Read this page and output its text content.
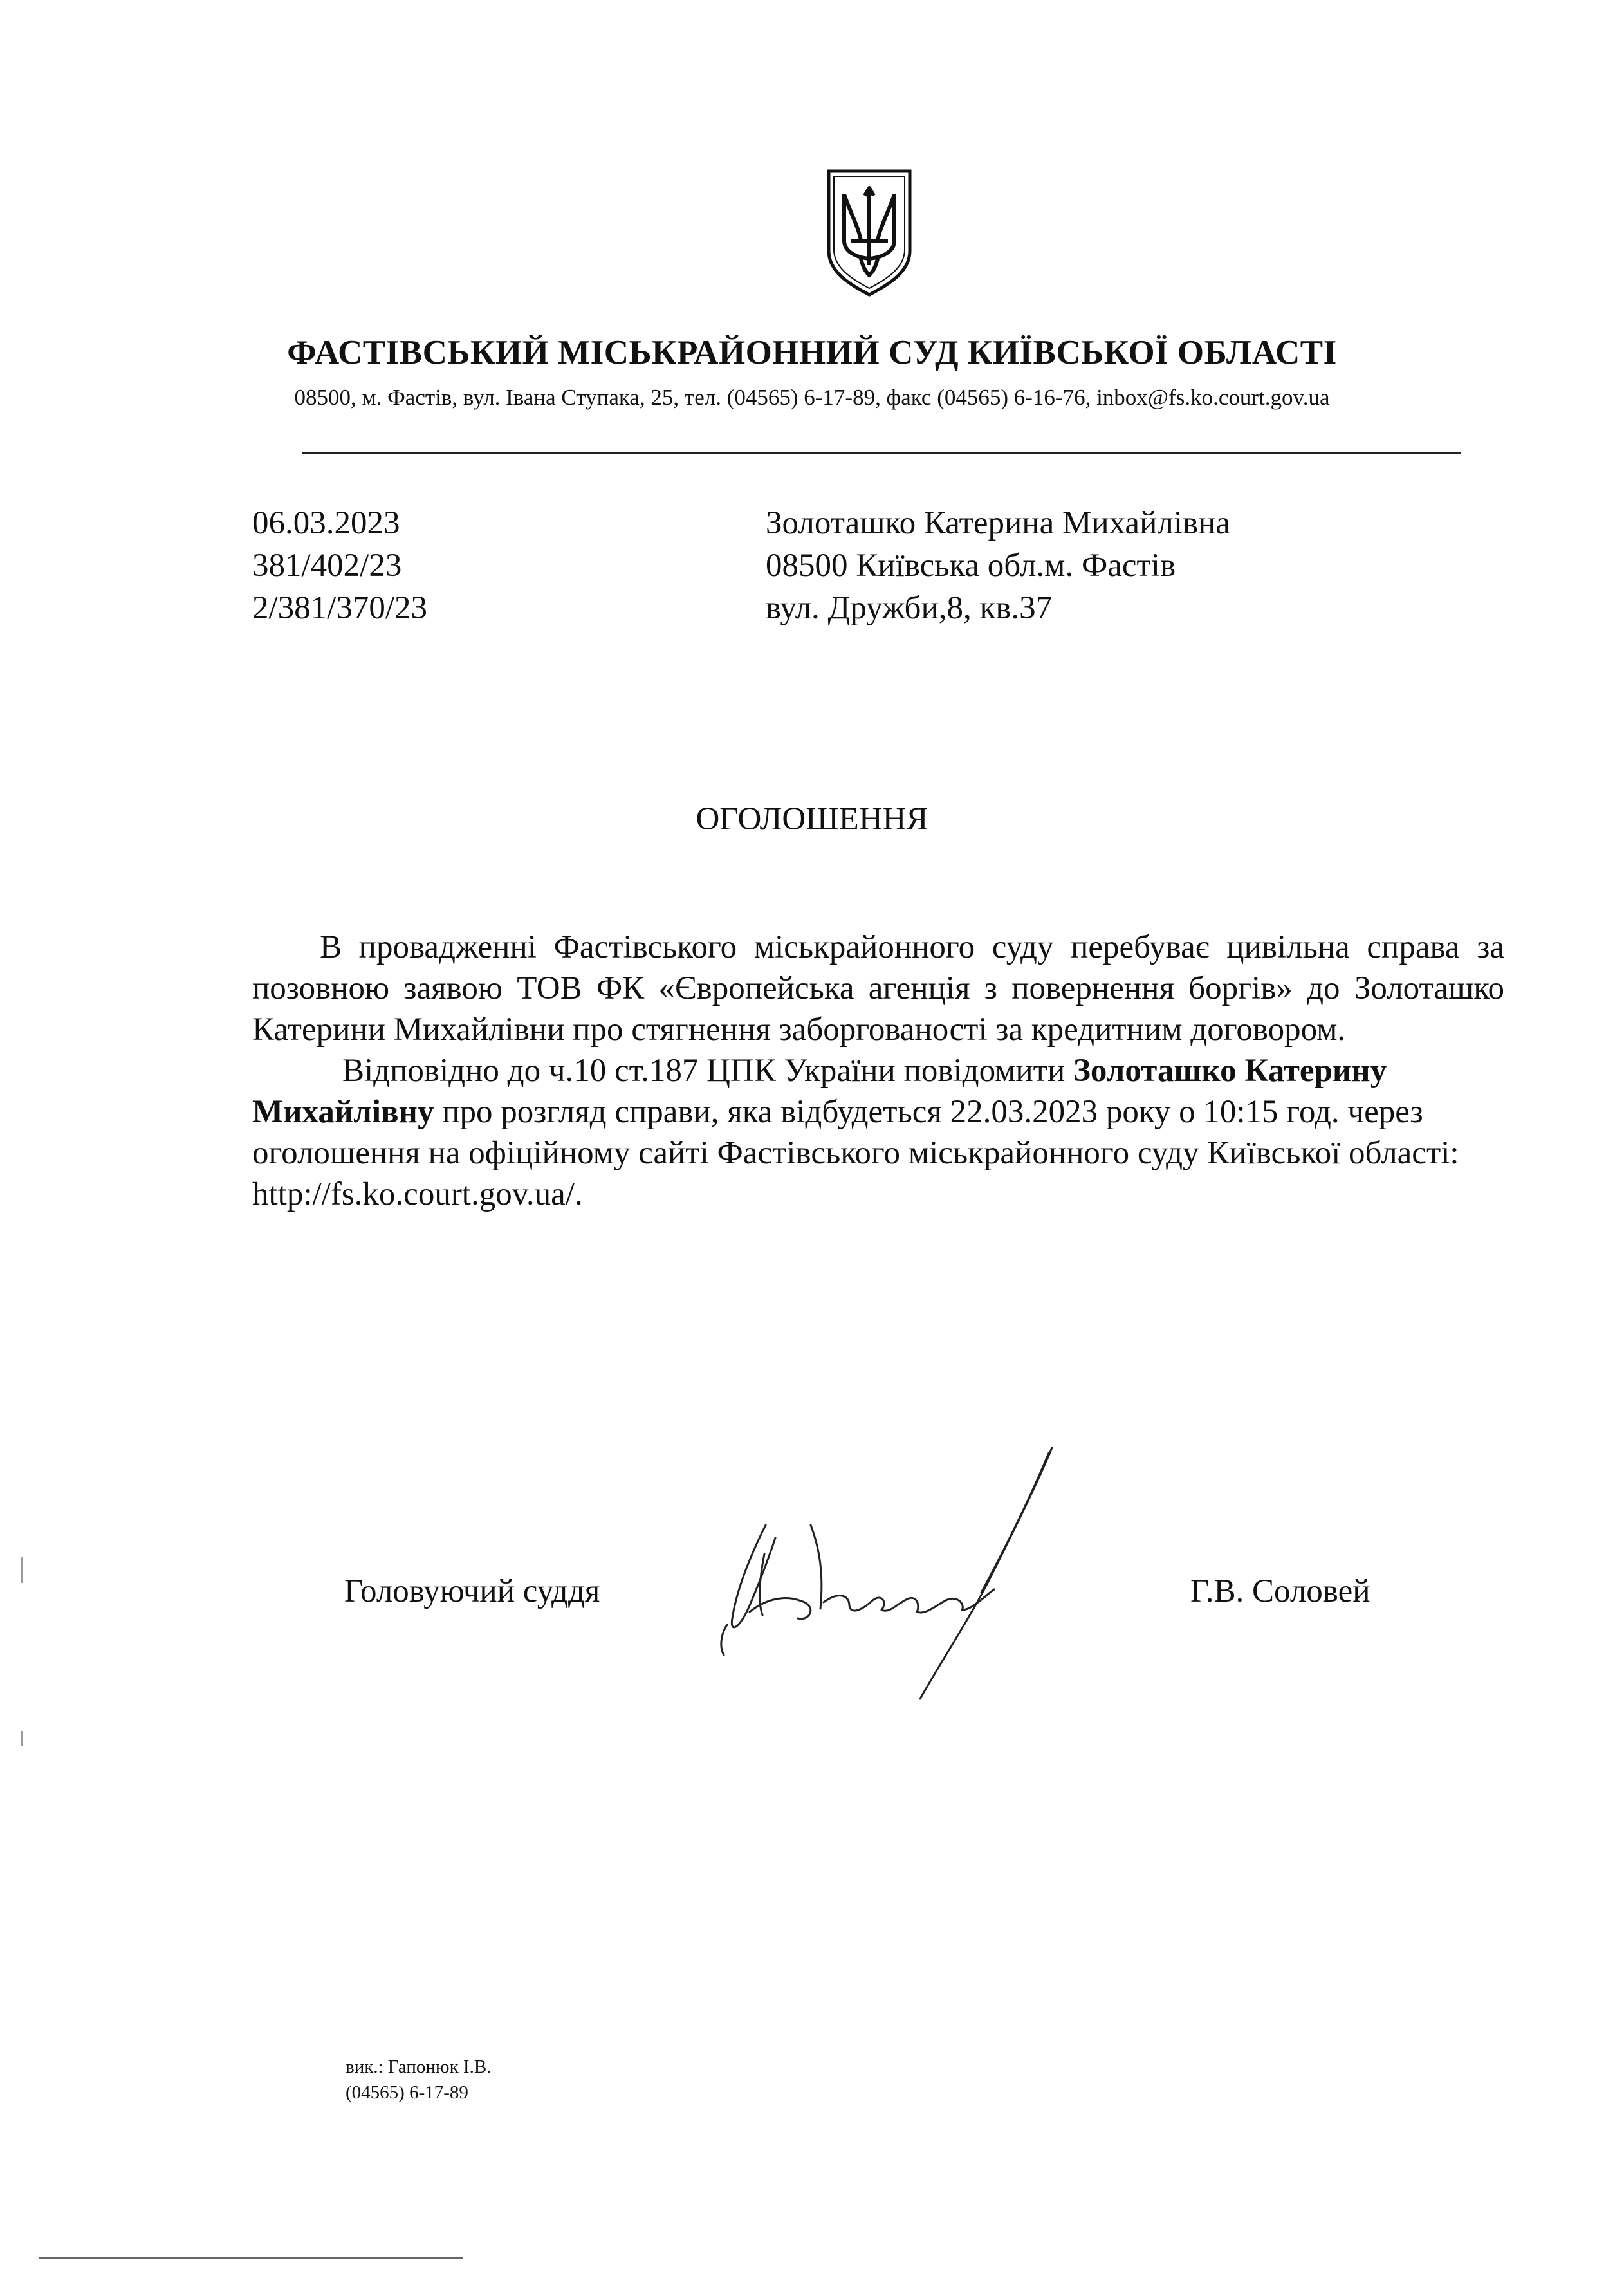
ФАСТІВСЬКИЙ МІСЬКРАЙОННИЙ СУД КИЇВСЬКОЇ ОБЛАСТІ
08500, м. Фастів, вул. Івана Ступака, 25, тел. (04565) 6-17-89, факс (04565) 6-16-76, inbox@fs.ko.court.gov.ua
06.03.2023
381/402/23
2/381/370/23
Золоташко Катерина Михайлівна
08500 Київська обл.м. Фастів
вул. Дружби,8, кв.37
ОГОЛОШЕННЯ

В провадженні Фастівського міськрайонного суду перебуває цивільна справа за позовною заявою ТОВ ФК «Європейська агенція з повернення боргів» до Золоташко Катерини Михайлівни про стягнення заборгованості за кредитним договором.

Відповідно до ч.10 ст.187 ЦПК України повідомити Золоташко Катерину Михайлівну про розгляд справи, яка відбудеться 22.03.2023 року о 10:15 год. через оголошення на офіційному сайті Фастівського міськрайонного суду Київської області: http://fs.ko.court.gov.ua/.

Головуючий суддя	Г.В. Соловей
вик.: Гапонюк І.В.
(04565) 6-17-89
